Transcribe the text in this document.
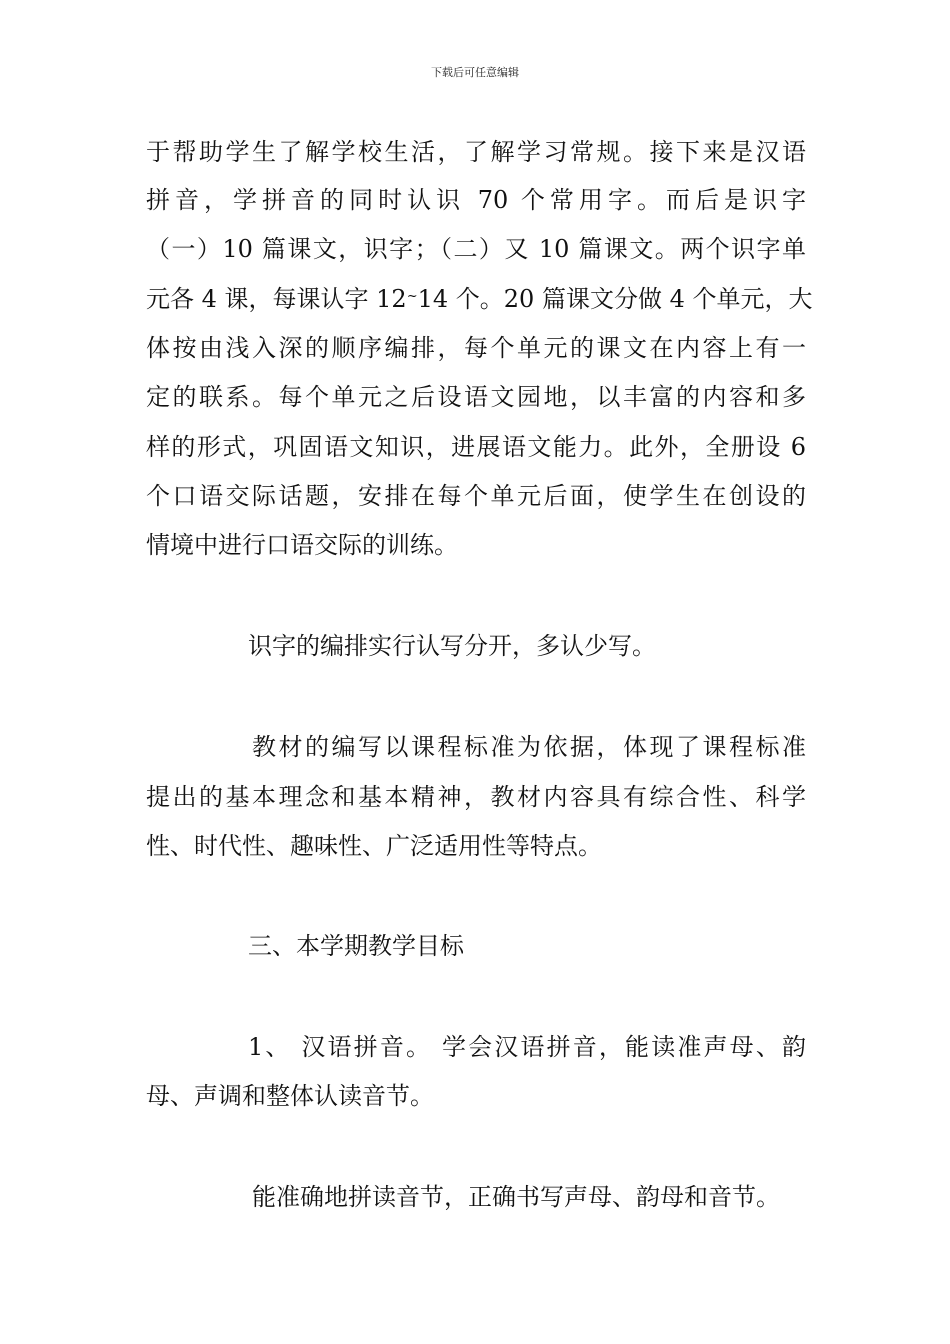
下载后可任意编辑
于帮助学生了解学校生活，了解学习常规。接下来是汉语
拼音，学拼音的同时认识 70 个常用字。而后是识字
（一）10 篇课文，识字；（二）又 10 篇课文。两个识字单
元各 4 课，每课认字 12~14 个。20 篇课文分做 4 个单元，大
体按由浅入深的顺序编排，每个单元的课文在内容上有一
定的联系。每个单元之后设语文园地，以丰富的内容和多
样的形式，巩固语文知识，进展语文能力。此外，全册设 6
个口语交际话题，安排在每个单元后面，使学生在创设的
情境中进行口语交际的训练。
识字的编排实行认写分开，多认少写。
教材的编写以课程标准为依据，体现了课程标准
提出的基本理念和基本精神，教材内容具有综合性、科学
性、时代性、趣味性、广泛适用性等特点。
三、本学期教学目标
1、 汉语拼音。 学会汉语拼音，能读准声母、韵
母、声调和整体认读音节。
能准确地拼读音节，正确书写声母、韵母和音节。
